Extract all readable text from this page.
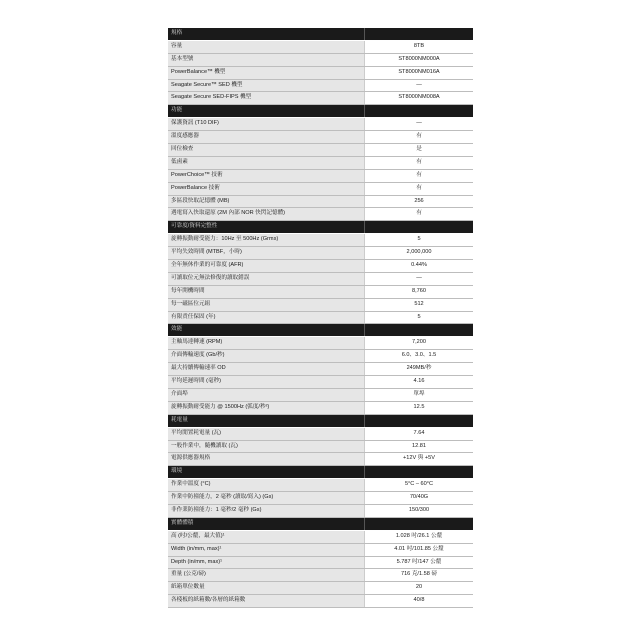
規格
容量	8TB
基本型號	ST8000NM000A
PowerBalance™ 機型	ST8000NM016A
Seagate Secure™ SED 機型	—
Seagate Secure SED-FIPS 機型	ST8000NM008A
功能
保護資訊 (T10 DIF)	—
溫度感應器	有
回位檢查	是
低鹵素	有
PowerChoice™ 技術	有
PowerBalance 技術	有
多區段快取記憶體 (MB)	256
遇電寫入快取還原 (2M 內部 NOR 快閃記憶體)	有
可靠度/資料完整性
旋轉振動耐受能力：10Hz 至 500Hz (Grms)	5
平均失效時間 (MTBF，小時)	2,000,000
全年無休作業的可靠度 (AFR)	0.44%
可讀取位元無法修復的讀取錯誤	—
每年開機時間	8,760
每一磁區位元組	512
有限責任保固 (年)	5
效能
主軸馬達轉速 (RPM)	7,200
介面傳輸速度 (Gb/秒)	6.0、3.0、1.5
最大持續傳輸速率 OD	249MB/秒
平均延遲時間 (毫秒)	4.16
介面埠	單埠
旋轉振動耐受能力 @ 1500Hz (弧度/秒²)	12.5
耗電量
平均閒置耗電量 (瓦)	7.64
一般作業中，隨機讀取 (瓦)	12.81
電源供應器規格	+12V 與 +5V
環境
作業中溫度 (°C)	5°C – 60°C
作業中防撞能力，2 毫秒 (讀取/寫入) (Gs)	70/40G
非作業防撞能力：1 毫秒/2 毫秒 (Gs)	150/300
實體體積
高 (吋/公釐，最大值)¹	1.028 吋/26.1 公釐
Width (in/mm, max)¹	4.01 吋/101.85 公釐
Depth (in/mm, max)¹	5.787 吋/147 公釐
重量 (公克/磅)	716 克/1.58 磅
紙箱單位數量	20
各棧板的紙箱數/各層的紙箱數	40/8
